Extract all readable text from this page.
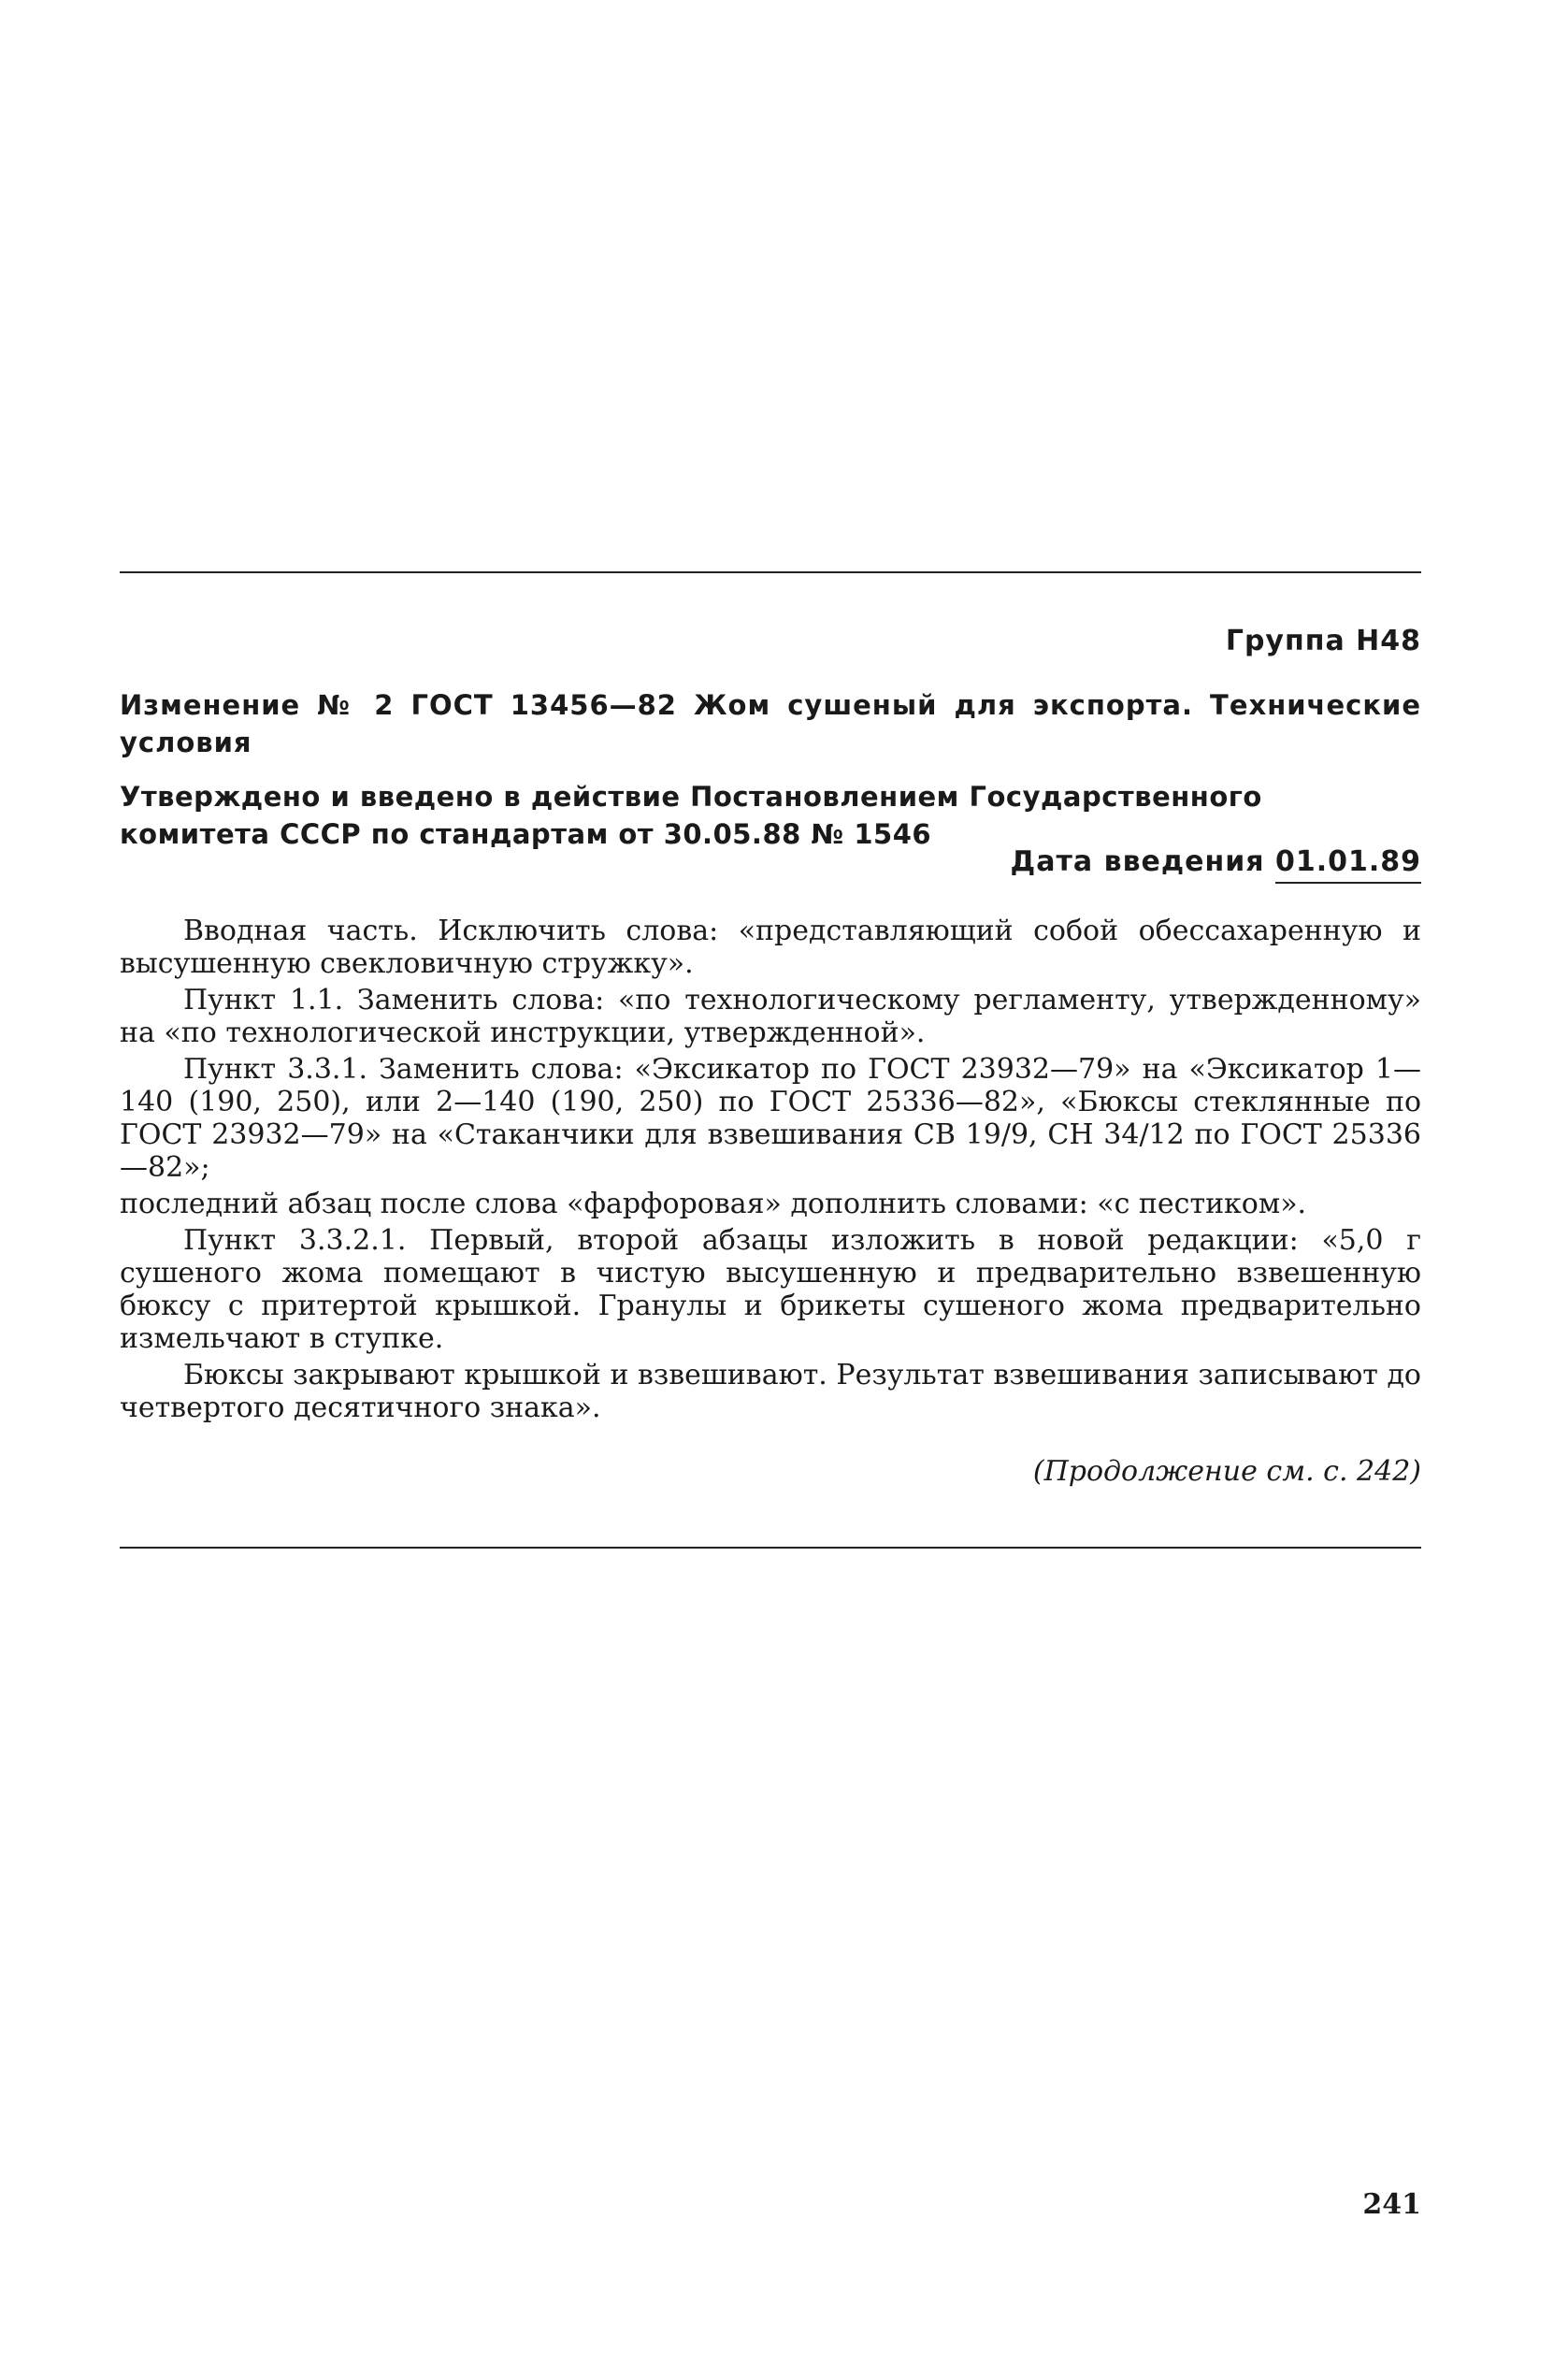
Группа Н48
Изменение № 2 ГОСТ 13456—82 Жом сушеный для экспорта. Технические условия
Утверждено и введено в действие Постановлением Государственного комитета СССР по стандартам от 30.05.88 № 1546
Дата введения 01.01.89

Вводная часть. Исключить слова: «представляющий собой обессахаренную и высушенную свекловичную стружку».

Пункт 1.1. Заменить слова: «по технологическому регламенту, утвержденному» на «по технологической инструкции, утвержденной».

Пункт 3.3.1. Заменить слова: «Эксикатор по ГОСТ 23932—79» на «Эксикатор 1—140 (190, 250), или 2—140 (190, 250) по ГОСТ 25336—82», «Бюксы стеклянные по ГОСТ 23932—79» на «Стаканчики для взвешивания СВ 19/9, СН 34/12 по ГОСТ 25336—82»;

последний абзац после слова «фарфоровая» дополнить словами: «с пестиком».

Пункт 3.3.2.1. Первый, второй абзацы изложить в новой редакции: «5,0 г сушеного жома помещают в чистую высушенную и предварительно взвешенную бюксу с притертой крышкой. Гранулы и брикеты сушеного жома предварительно измельчают в ступке.

Бюксы закрывают крышкой и взвешивают. Результат взвешивания записывают до четвертого десятичного знака».

(Продолжение см. с. 242)
241
